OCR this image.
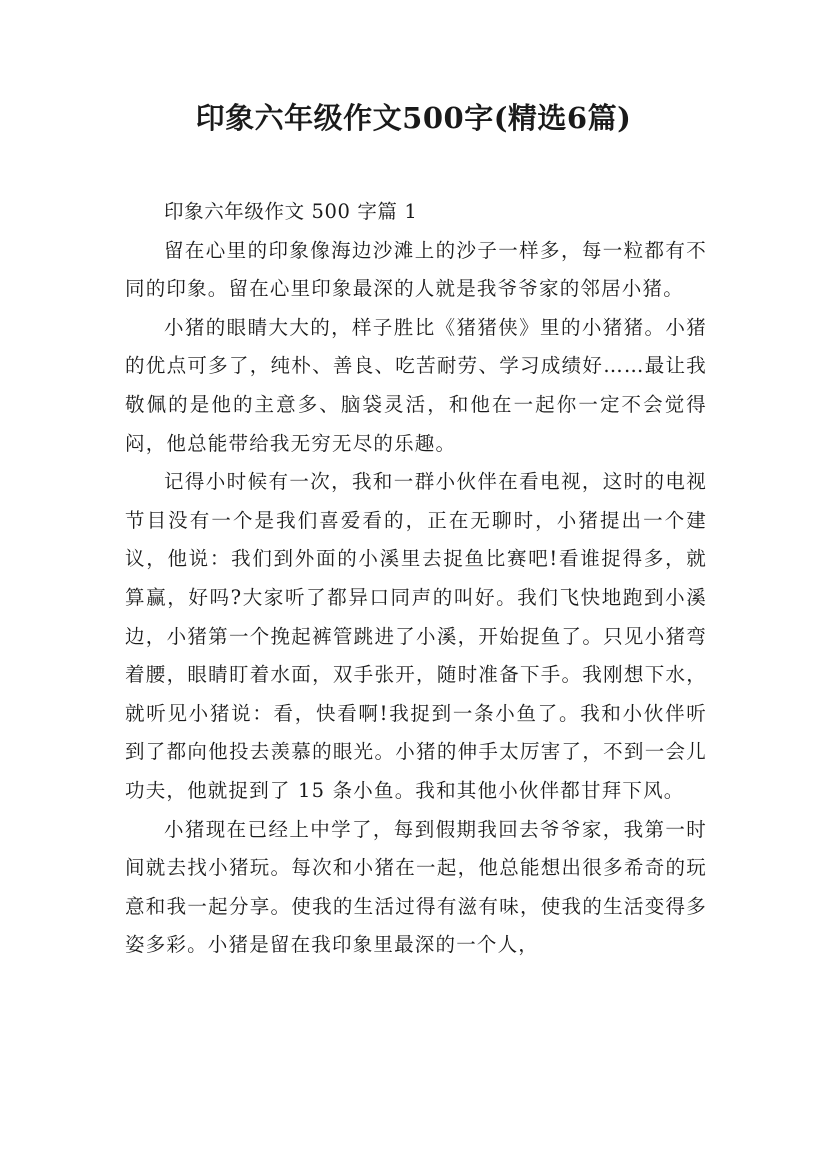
印象六年级作文500字(精选6篇)

印象六年级作文 500 字篇 1

留在心里的印象像海边沙滩上的沙子一样多，每一粒都有不同的印象。留在心里印象最深的人就是我爷爷家的邻居小猪。

小猪的眼睛大大的，样子胜比《猪猪侠》里的小猪猪。小猪的优点可多了，纯朴、善良、吃苦耐劳、学习成绩好……最让我敬佩的是他的主意多、脑袋灵活，和他在一起你一定不会觉得闷，他总能带给我无穷无尽的乐趣。

记得小时候有一次，我和一群小伙伴在看电视，这时的电视节目没有一个是我们喜爱看的，正在无聊时，小猪提出一个建议，他说：我们到外面的小溪里去捉鱼比赛吧!看谁捉得多，就算赢，好吗?大家听了都异口同声的叫好。我们飞快地跑到小溪边，小猪第一个挽起裤管跳进了小溪，开始捉鱼了。只见小猪弯着腰，眼睛盯着水面，双手张开，随时准备下手。我刚想下水，就听见小猪说：看，快看啊!我捉到一条小鱼了。我和小伙伴听到了都向他投去羡慕的眼光。小猪的伸手太厉害了，不到一会儿功夫，他就捉到了 15 条小鱼。我和其他小伙伴都甘拜下风。

小猪现在已经上中学了，每到假期我回去爷爷家，我第一时间就去找小猪玩。每次和小猪在一起，他总能想出很多希奇的玩意和我一起分享。使我的生活过得有滋有味，使我的生活变得多姿多彩。小猪是留在我印象里最深的一个人，
